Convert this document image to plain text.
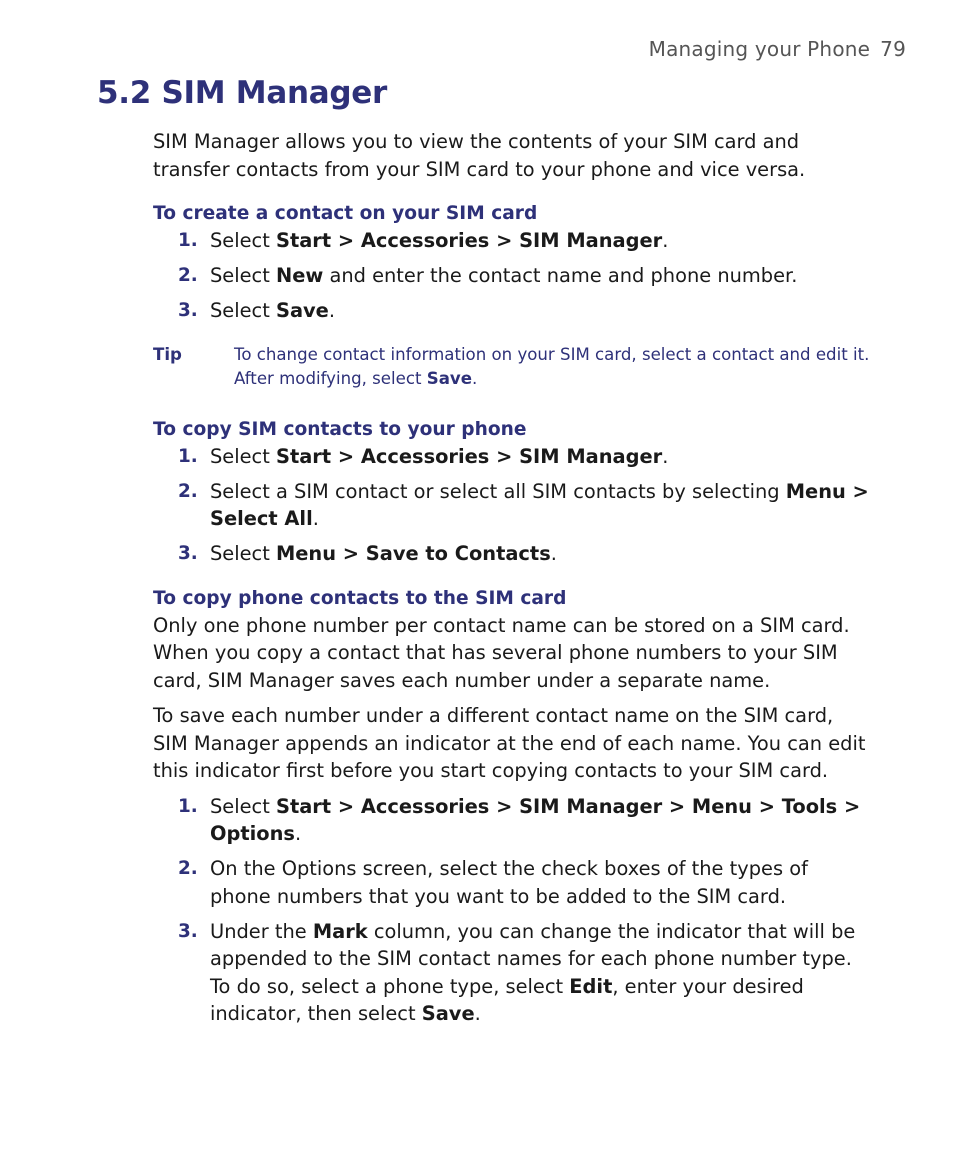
Managing your Phone 79
5.2 SIM Manager

SIM Manager allows you to view the contents of your SIM card and transfer contacts from your SIM card to your phone and vice versa.

To create a contact on your SIM card
1. Select Start > Accessories > SIM Manager.
2. Select New and enter the contact name and phone number.
3. Select Save.
Tip	To change contact information on your SIM card, select a contact and edit it. After modifying, select Save.
To copy SIM contacts to your phone
1. Select Start > Accessories > SIM Manager.
2. Select a SIM contact or select all SIM contacts by selecting Menu > Select All.
3. Select Menu > Save to Contacts.
To copy phone contacts to the SIM card

Only one phone number per contact name can be stored on a SIM card. When you copy a contact that has several phone numbers to your SIM card, SIM Manager saves each number under a separate name.

To save each number under a different contact name on the SIM card, SIM Manager appends an indicator at the end of each name. You can edit this indicator first before you start copying contacts to your SIM card.

1. Select Start > Accessories > SIM Manager > Menu > Tools > Options.
2. On the Options screen, select the check boxes of the types of phone numbers that you want to be added to the SIM card.
3. Under the Mark column, you can change the indicator that will be appended to the SIM contact names for each phone number type. To do so, select a phone type, select Edit, enter your desired indicator, then select Save.
